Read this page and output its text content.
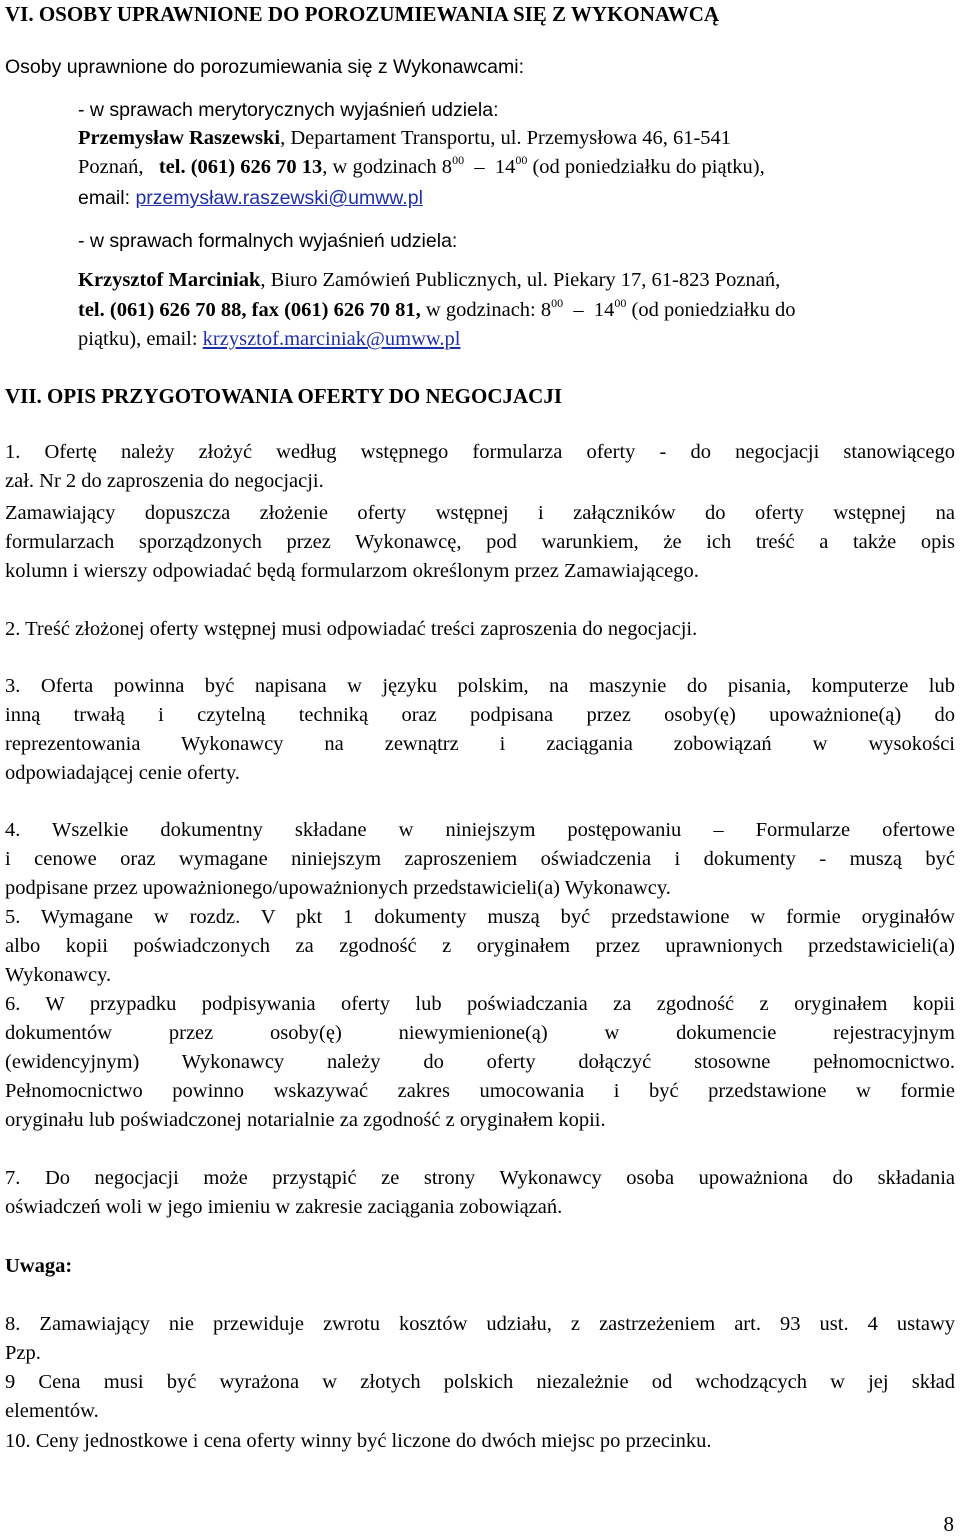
VI. OSOBY UPRAWNIONE DO POROZUMIEWANIA SIĘ Z WYKONAWCĄ
Osoby uprawnione do porozumiewania się z Wykonawcami:
- w sprawach merytorycznych wyjaśnień udziela:
Przemysław Raszewski, Departament Transportu, ul. Przemysłowa 46, 61-541
Poznań, tel. (061) 626 70 13, w godzinach $8^{00} - 14^{00}$ (od poniedziałku do piątku),
email: przemysław.raszewski@umww.pl
- w sprawach formalnych wyjaśnień udziela:
Krzysztof Marciniak, Biuro Zamówień Publicznych, ul. Piekary 17, 61-823 Poznań,
tel. (061) 626 70 88, fax (061) 626 70 81, w godzinach: $8^{00} - 14^{00}$ (od poniedziałku do
piątku), email: krzysztof.marciniak@umww.pl
VII. OPIS PRZYGOTOWANIA OFERTY DO NEGOCJACJI
1. Ofertę należy złożyć według wstępnego formularza oferty - do negocjacji stanowiącego
zał. Nr 2 do zaproszenia do negocjacji.
Zamawiający dopuszcza złożenie oferty wstępnej i załączników do oferty wstępnej na
formularzach sporządzonych przez Wykonawcę, pod warunkiem, że ich treść a także opis
kolumn i wierszy odpowiadać będą formularzom określonym przez Zamawiającego.
2. Treść złożonej oferty wstępnej musi odpowiadać treści zaproszenia do negocjacji.
3. Oferta powinna być napisana w języku polskim, na maszynie do pisania, komputerze lub
inną trwałą i czytelną techniką oraz podpisana przez osoby(ę) upoważnione(ą) do
reprezentowania Wykonawcy na zewnątrz i zaciągania zobowiązań w wysokości
odpowiadającej cenie oferty.
4. Wszelkie dokumentny składane w niniejszym postępowaniu – Formularze ofertowe
i cenowe oraz wymagane niniejszym zaproszeniem oświadczenia i dokumenty - muszą być
podpisane przez upoważnionego/upoważnionych przedstawicieli(a) Wykonawcy.
5. Wymagane w rozdz. V pkt 1 dokumenty muszą być przedstawione w formie oryginałów
albo kopii poświadczonych za zgodność z oryginałem przez uprawnionych przedstawicieli(a)
Wykonawcy.
6. W przypadku podpisywania oferty lub poświadczania za zgodność z oryginałem kopii
dokumentów przez osoby(ę) niewymienione(ą) w dokumencie rejestracyjnym
(ewidencyjnym) Wykonawcy należy do oferty dołączyć stosowne pełnomocnictwo.
Pełnomocnictwo powinno wskazywać zakres umocowania i być przedstawione w formie
oryginału lub poświadczonej notarialnie za zgodność z oryginałem kopii.
7. Do negocjacji może przystąpić ze strony Wykonawcy osoba upoważniona do składania
oświadczeń woli w jego imieniu w zakresie zaciągania zobowiązań.
Uwaga:
8. Zamawiający nie przewiduje zwrotu kosztów udziału, z zastrzeżeniem art. 93 ust. 4 ustawy
Pzp.
9 Cena musi być wyrażona w złotych polskich niezależnie od wchodzących w jej skład
elementów.
10. Ceny jednostkowe i cena oferty winny być liczone do dwóch miejsc po przecinku.
8
